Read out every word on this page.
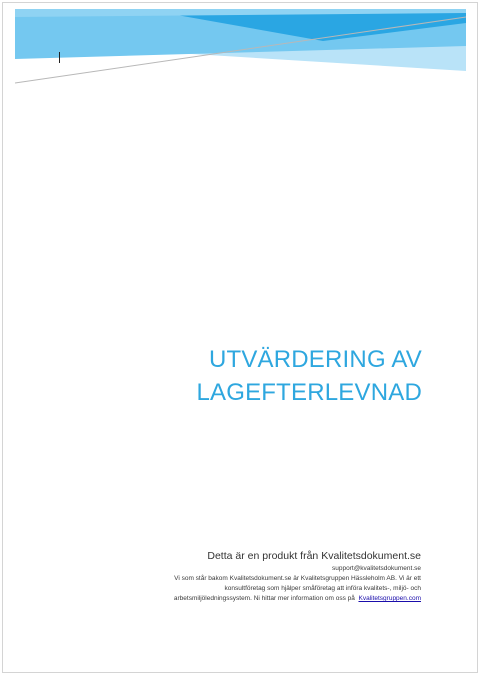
UTVÄRDERING AV
LAGEFTERLEVNAD
Detta är en produkt från Kvalitetsdokument.se
support@kvalitetsdokument.se
Vi som står bakom Kvalitetsdokument.se är Kvalitetsgruppen Hässleholm AB. Vi är ett
konsultföretag som hjälper småföretag att införa kvalitets-, miljö- och
arbetsmiljöledningssystem. Ni hittar mer information om oss på  Kvalitetsgruppen.com
